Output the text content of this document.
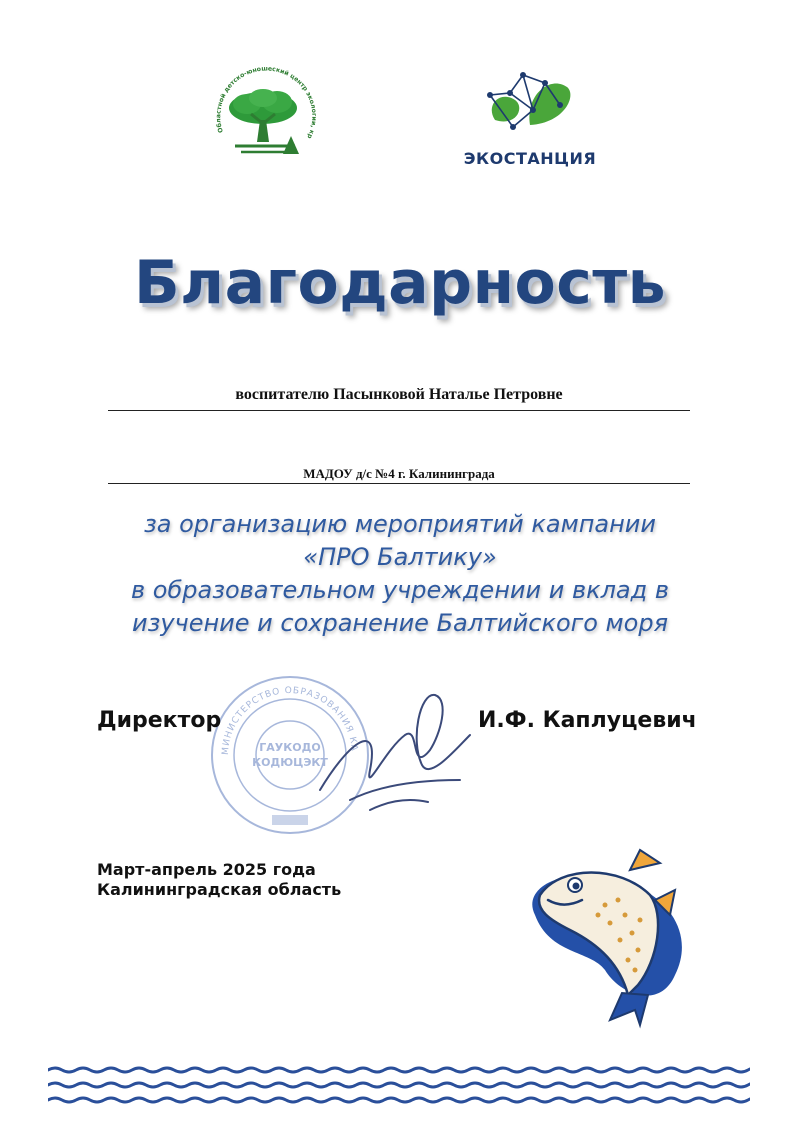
Областной детско-юношеский центр экологии, кр
ЭКОСТАНЦИЯ
Благодарность
воспитателю Пасынковой Наталье Петровне
МАДОУ д/с №4 г. Калининграда
за организацию мероприятий кампании
«ПРО Балтику»
в образовательном учреждении и вклад в
изучение и сохранение Балтийского моря
МИНИСТЕРСТВО ОБРАЗОВАНИЯ КА
ГАУКОДО
КОДЮЦЭКТ
Директор	И.Ф. Каплуцевич
Март-апрель 2025 года
Калининградская область
